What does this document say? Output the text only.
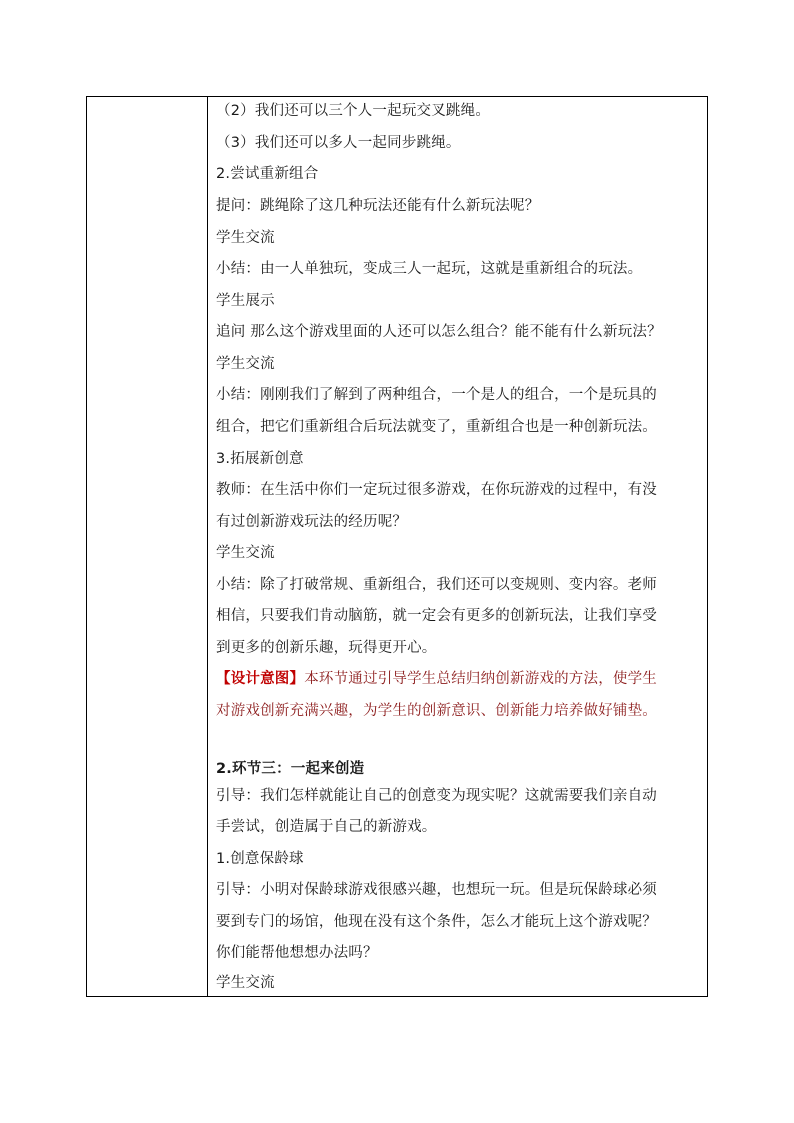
（2）我们还可以三个人一起玩交叉跳绳。
（3）我们还可以多人一起同步跳绳。
2.尝试重新组合
提问：跳绳除了这几种玩法还能有什么新玩法呢？
学生交流
小结：由一人单独玩，变成三人一起玩，这就是重新组合的玩法。
学生展示
追问 那么这个游戏里面的人还可以怎么组合？能不能有什么新玩法？
学生交流
小结：刚刚我们了解到了两种组合，一个是人的组合，一个是玩具的
组合，把它们重新组合后玩法就变了，重新组合也是一种创新玩法。
3.拓展新创意
教师：在生活中你们一定玩过很多游戏，在你玩游戏的过程中，有没
有过创新游戏玩法的经历呢？
学生交流
小结：除了打破常规、重新组合，我们还可以变规则、变内容。老师
相信，只要我们肯动脑筋，就一定会有更多的创新玩法，让我们享受
到更多的创新乐趣，玩得更开心。
【设计意图】本环节通过引导学生总结归纳创新游戏的方法，使学生
对游戏创新充满兴趣，为学生的创新意识、创新能力培养做好铺垫。
2.环节三：一起来创造
引导：我们怎样就能让自己的创意变为现实呢？这就需要我们亲自动
手尝试，创造属于自己的新游戏。
1.创意保龄球
引导：小明对保龄球游戏很感兴趣，也想玩一玩。但是玩保龄球必须
要到专门的场馆，他现在没有这个条件，怎么才能玩上这个游戏呢？
你们能帮他想想办法吗？
学生交流
